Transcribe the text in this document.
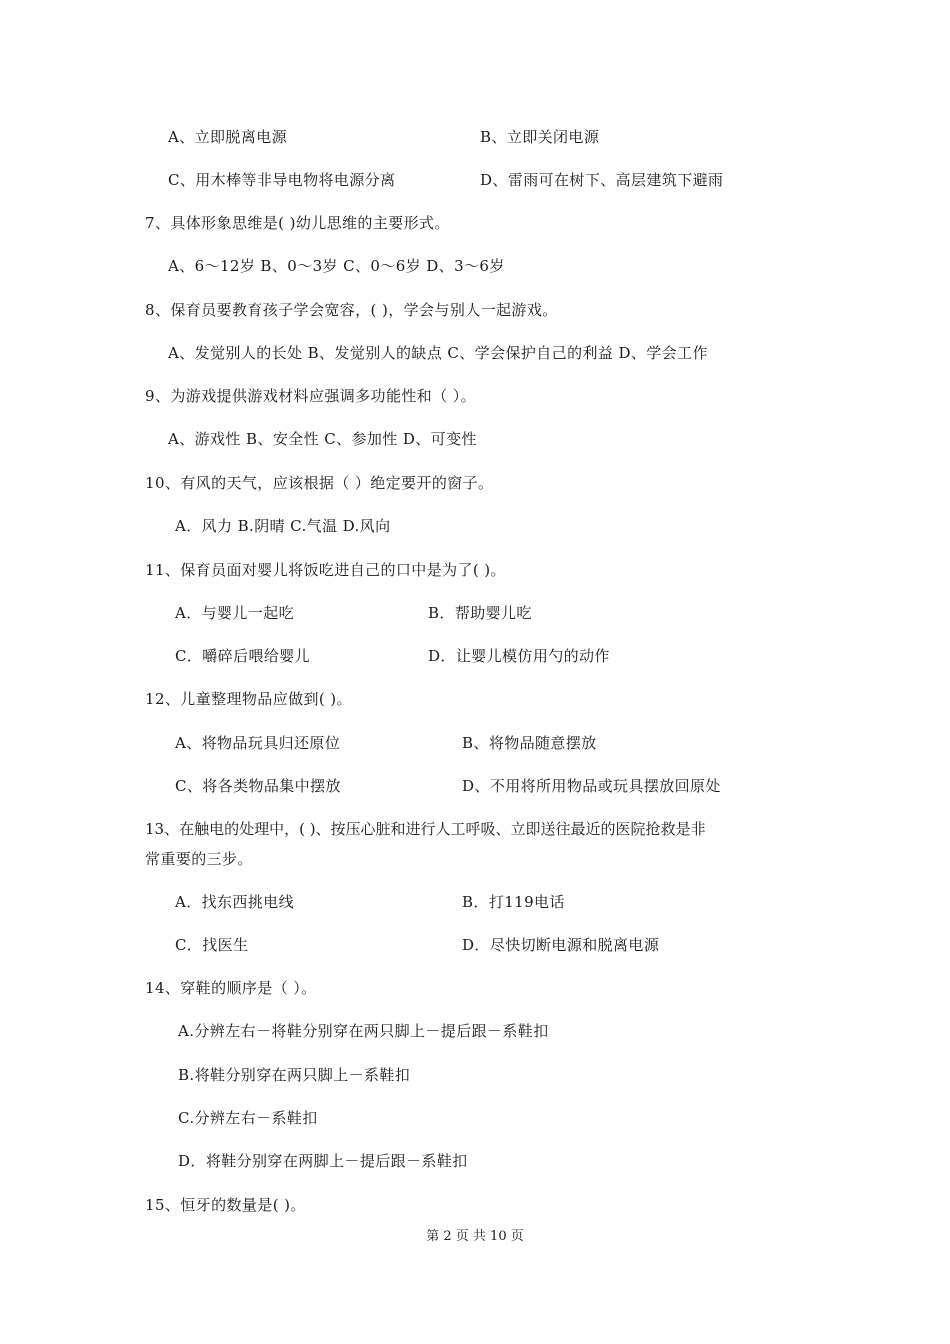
A、立即脱离电源	B、立即关闭电源
C、用木棒等非导电物将电源分离	D、雷雨可在树下、高层建筑下避雨
7、具体形象思维是( )幼儿思维的主要形式。
A、6～12岁 B、0～3岁 C、0～6岁 D、3～6岁
8、保育员要教育孩子学会宽容，( )，学会与别人一起游戏。
A、发觉别人的长处 B、发觉别人的缺点 C、学会保护自己的利益 D、学会工作
9、为游戏提供游戏材料应强调多功能性和（ ）。
A、游戏性 B、安全性 C、参加性 D、可变性
10、有风的天气，应该根据（ ）绝定要开的窗子。
A．风力 B.阴晴 C.气温 D.风向
11、保育员面对婴儿将饭吃进自己的口中是为了( )。
A．与婴儿一起吃	B．帮助婴儿吃
C．嚼碎后喂给婴儿	D．让婴儿模仿用勺的动作
12、儿童整理物品应做到( )。
A、将物品玩具归还原位	B、将物品随意摆放
C、将各类物品集中摆放	D、不用将所用物品或玩具摆放回原处
13、在触电的处理中，( )、按压心脏和进行人工呼吸、立即送往最近的医院抢救是非
常重要的三步。
A．找东西挑电线	B．打119电话
C．找医生	D．尽快切断电源和脱离电源
14、穿鞋的顺序是（ ）。
A.分辨左右－将鞋分别穿在两只脚上－提后跟－系鞋扣
B.将鞋分别穿在两只脚上－系鞋扣
C.分辨左右－系鞋扣
D．将鞋分别穿在两脚上－提后跟－系鞋扣
15、恒牙的数量是( )。
第 2 页 共 10 页
